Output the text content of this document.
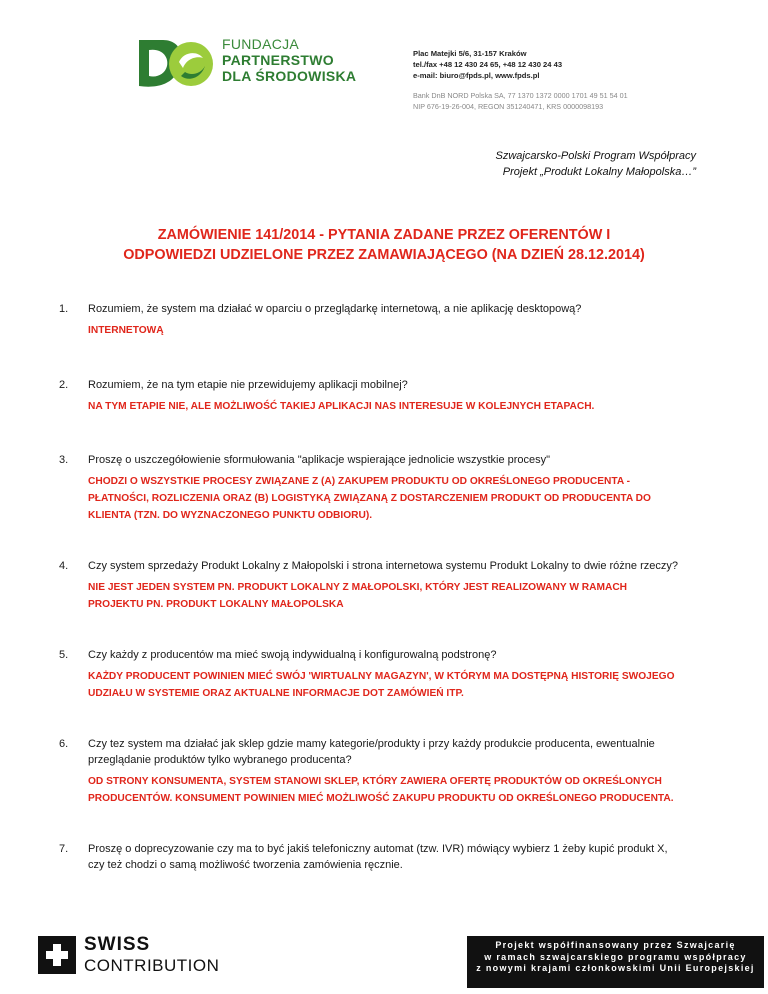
FUNDACJA
PARTNERSTWO
DLA ŚRODOWISKA
Plac Matejki 5/6, 31-157 Kraków
tel./fax +48 12 430 24 65, +48 12 430 24 43
e-mail: biuro@fpds.pl, www.fpds.pl
Bank DnB NORD Polska SA, 77 1370 1372 0000 1701 49 51 54 01
NIP 676-19-26-004, REGON 351240471, KRS 0000098193
Szwajcarsko-Polski Program Współpracy
Projekt „Produkt Lokalny Małopolska…”
ZAMÓWIENIE 141/2014 - PYTANIA ZADANE PRZEZ OFERENTÓW I
ODPOWIEDZI UDZIELONE PRZEZ ZAMAWIAJĄCEGO (NA DZIEŃ 28.12.2014)
1. Rozumiem, że system ma działać w oparciu o przeglądarkę internetową, a nie aplikację desktopową?
INTERNETOWĄ
2. Rozumiem, że na tym etapie nie przewidujemy aplikacji mobilnej?
NA TYM ETAPIE NIE, ALE MOŻLIWOŚĆ TAKIEJ APLIKACJI NAS INTERESUJE W KOLEJNYCH ETAPACH.
3. Proszę o uszczegółowienie sformułowania "aplikacje wspierające jednolicie wszystkie procesy"
CHODZI O WSZYSTKIE PROCESY ZWIĄZANE Z (A) ZAKUPEM PRODUKTU OD OKREŚLONEGO PRODUCENTA - PŁATNOŚCI, ROZLICZENIA ORAZ (B) LOGISTYKĄ ZWIĄZANĄ Z DOSTARCZENIEM PRODUKT OD PRODUCENTA DO KLIENTA (TZN. DO WYZNACZONEGO PUNKTU ODBIORU).
4. Czy system sprzedaży Produkt Lokalny z Małopolski i strona internetowa systemu Produkt Lokalny to dwie różne rzeczy?
NIE JEST JEDEN SYSTEM PN. PRODUKT LOKALNY Z MAŁOPOLSKI, KTÓRY JEST REALIZOWANY W RAMACH PROJEKTU PN. PRODUKT LOKALNY MAŁOPOLSKA
5. Czy każdy z producentów ma mieć swoją indywidualną i konfigurowalną podstronę?
KAŻDY PRODUCENT POWINIEN MIEĆ SWÓJ 'WIRTUALNY MAGAZYN', W KTÓRYM MA DOSTĘPNĄ HISTORIĘ SWOJEGO UDZIAŁU W SYSTEMIE ORAZ AKTUALNE INFORMACJE DOT ZAMÓWIEŃ ITP.
6. Czy tez system ma działać jak sklep gdzie mamy kategorie/produkty i przy każdy produkcie producenta, ewentualnie przeglądanie produktów tylko wybranego producenta?
OD STRONY KONSUMENTA, SYSTEM STANOWI SKLEP, KTÓRY ZAWIERA OFERTĘ PRODUKTÓW OD OKREŚLONYCH PRODUCENTÓW. KONSUMENT POWINIEN MIEĆ MOŻLIWOŚĆ ZAKUPU PRODUKTU OD OKREŚLONEGO PRODUCENTA.
7. Proszę o doprecyzowanie czy ma to być jakiś telefoniczny automat (tzw. IVR) mówiący wybierz 1 żeby kupić produkt X, czy też chodzi o samą możliwość tworzenia zamówienia ręcznie.
SWISS
CONTRIBUTION
Projekt współfinansowany przez Szwajcarię
w ramach szwajcarskiego programu współpracy
z nowymi krajami członkowskimi Unii Europejskiej
